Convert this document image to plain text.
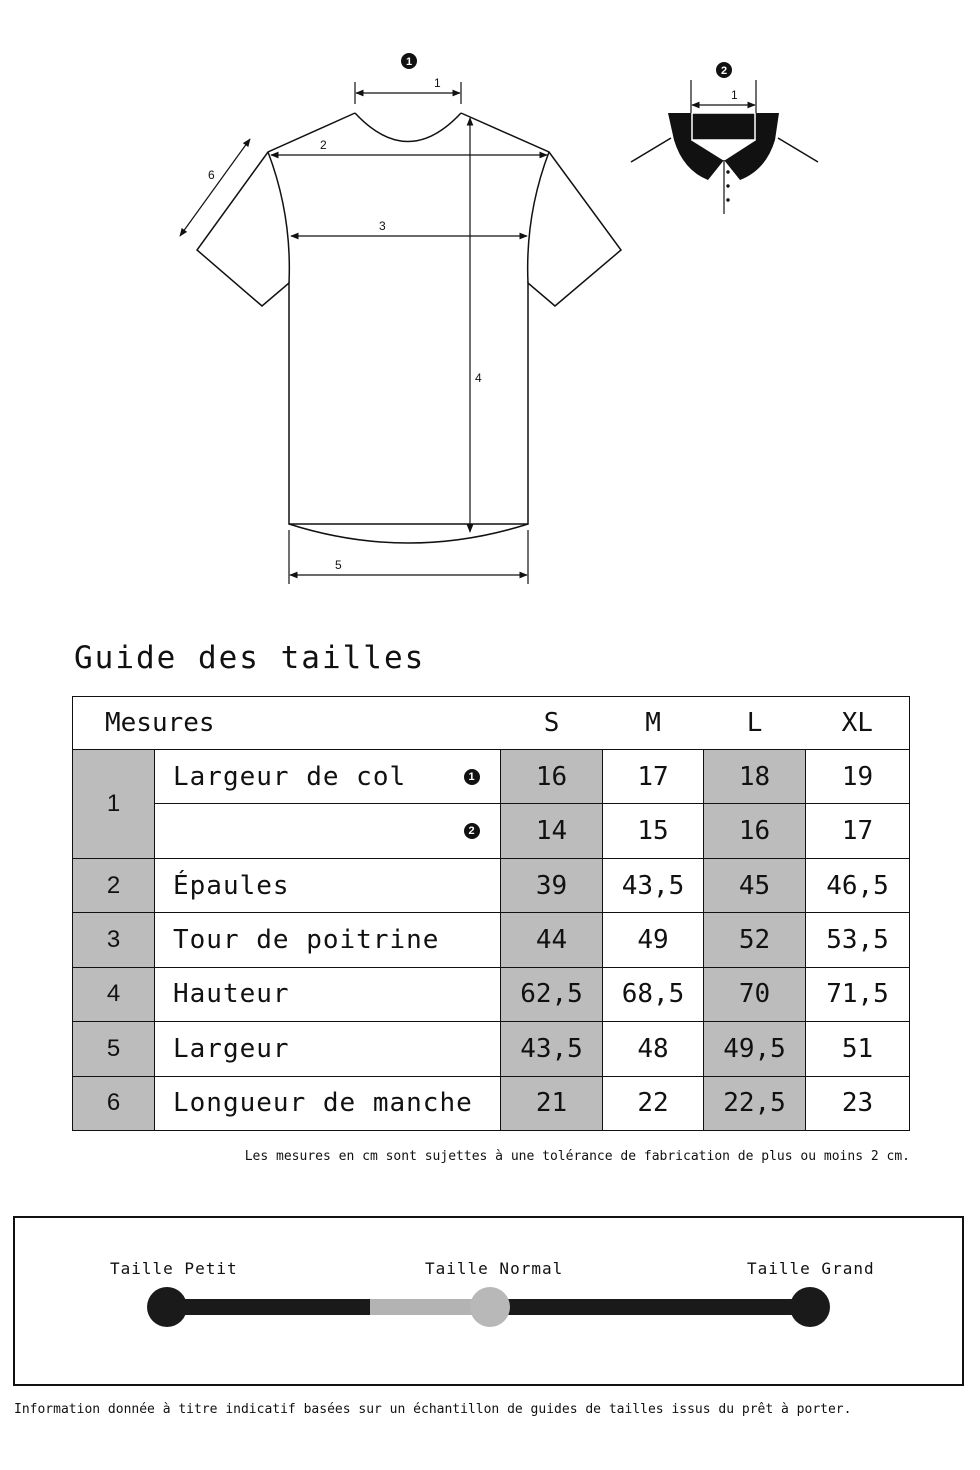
1
2
3
4
5
6
1
1
2
Guide des tailles
Mesures		S	M	L	XL
1	Largeur de col 1	16	17	18	19

	2	14	15	16	17
2	Épaules	39	43,5	45	46,5
3	Tour de poitrine	44	49	52	53,5
4	Hauteur	62,5	68,5	70	71,5
5	Largeur	43,5	48	49,5	51
6	Longueur de manche	21	22	22,5	23

Les mesures en cm sont sujettes à une tolérance de fabrication de plus ou moins 2 cm.

Taille Petit	Taille Normal	Taille Grand

Information donnée à titre indicatif basées sur un échantillon de guides de tailles issus du prêt à porter.
